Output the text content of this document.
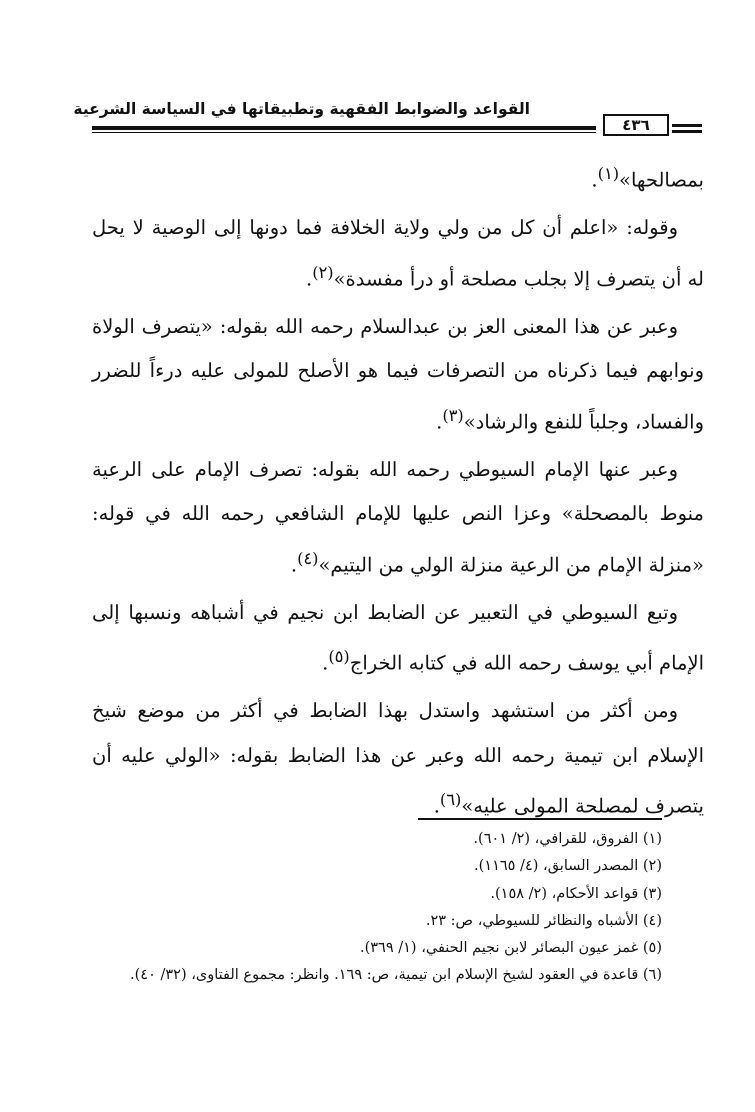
القواعد والضوابط الفقهية وتطبيقاتها في السياسة الشرعية
٤٣٦

بمصالحها»$^{(١)}$.

وقوله: «اعلم أن كل من ولي ولاية الخلافة فما دونها إلى الوصية لا يحل له أن يتصرف إلا بجلب مصلحة أو درأ مفسدة»$^{(٢)}$.

وعبر عن هذا المعنى العز بن عبدالسلام رحمه الله بقوله: «يتصرف الولاة ونوابهم فيما ذكرناه من التصرفات فيما هو الأصلح للمولى عليه درءاً للضرر والفساد، وجلباً للنفع والرشاد»$^{(٣)}$.

وعبر عنها الإمام السيوطي رحمه الله بقوله: تصرف الإمام على الرعية منوط بالمصحلة» وعزا النص عليها للإمام الشافعي رحمه الله في قوله: «منزلة الإمام من الرعية منزلة الولي من اليتيم»$^{(٤)}$.

وتبع السيوطي في التعبير عن الضابط ابن نجيم في أشباهه ونسبها إلى الإمام أبي يوسف رحمه الله في كتابه الخراج$^{(٥)}$.

ومن أكثر من استشهد واستدل بهذا الضابط في أكثر من موضع شيخ الإسلام ابن تيمية رحمه الله وعبر عن هذا الضابط بقوله: «الولي عليه أن يتصرف لمصلحة المولى عليه»$^{(٦)}$.

(١) الفروق، للقرافي، (٢/ ٦٠١).

(٢) المصدر السابق، (٤/ ١١٦٥).

(٣) قواعد الأحكام، (٢/ ١٥٨).

(٤) الأشباه والنظائر للسيوطي، ص: ٢٣.

(٥) غمز عيون البصائر لابن نجيم الحنفي، (١/ ٣٦٩).

(٦) قاعدة في العقود لشيخ الإسلام ابن تيمية، ص: ١٦٩. وانظر: مجموع الفتاوى، (٣٢/ ٤٠).
